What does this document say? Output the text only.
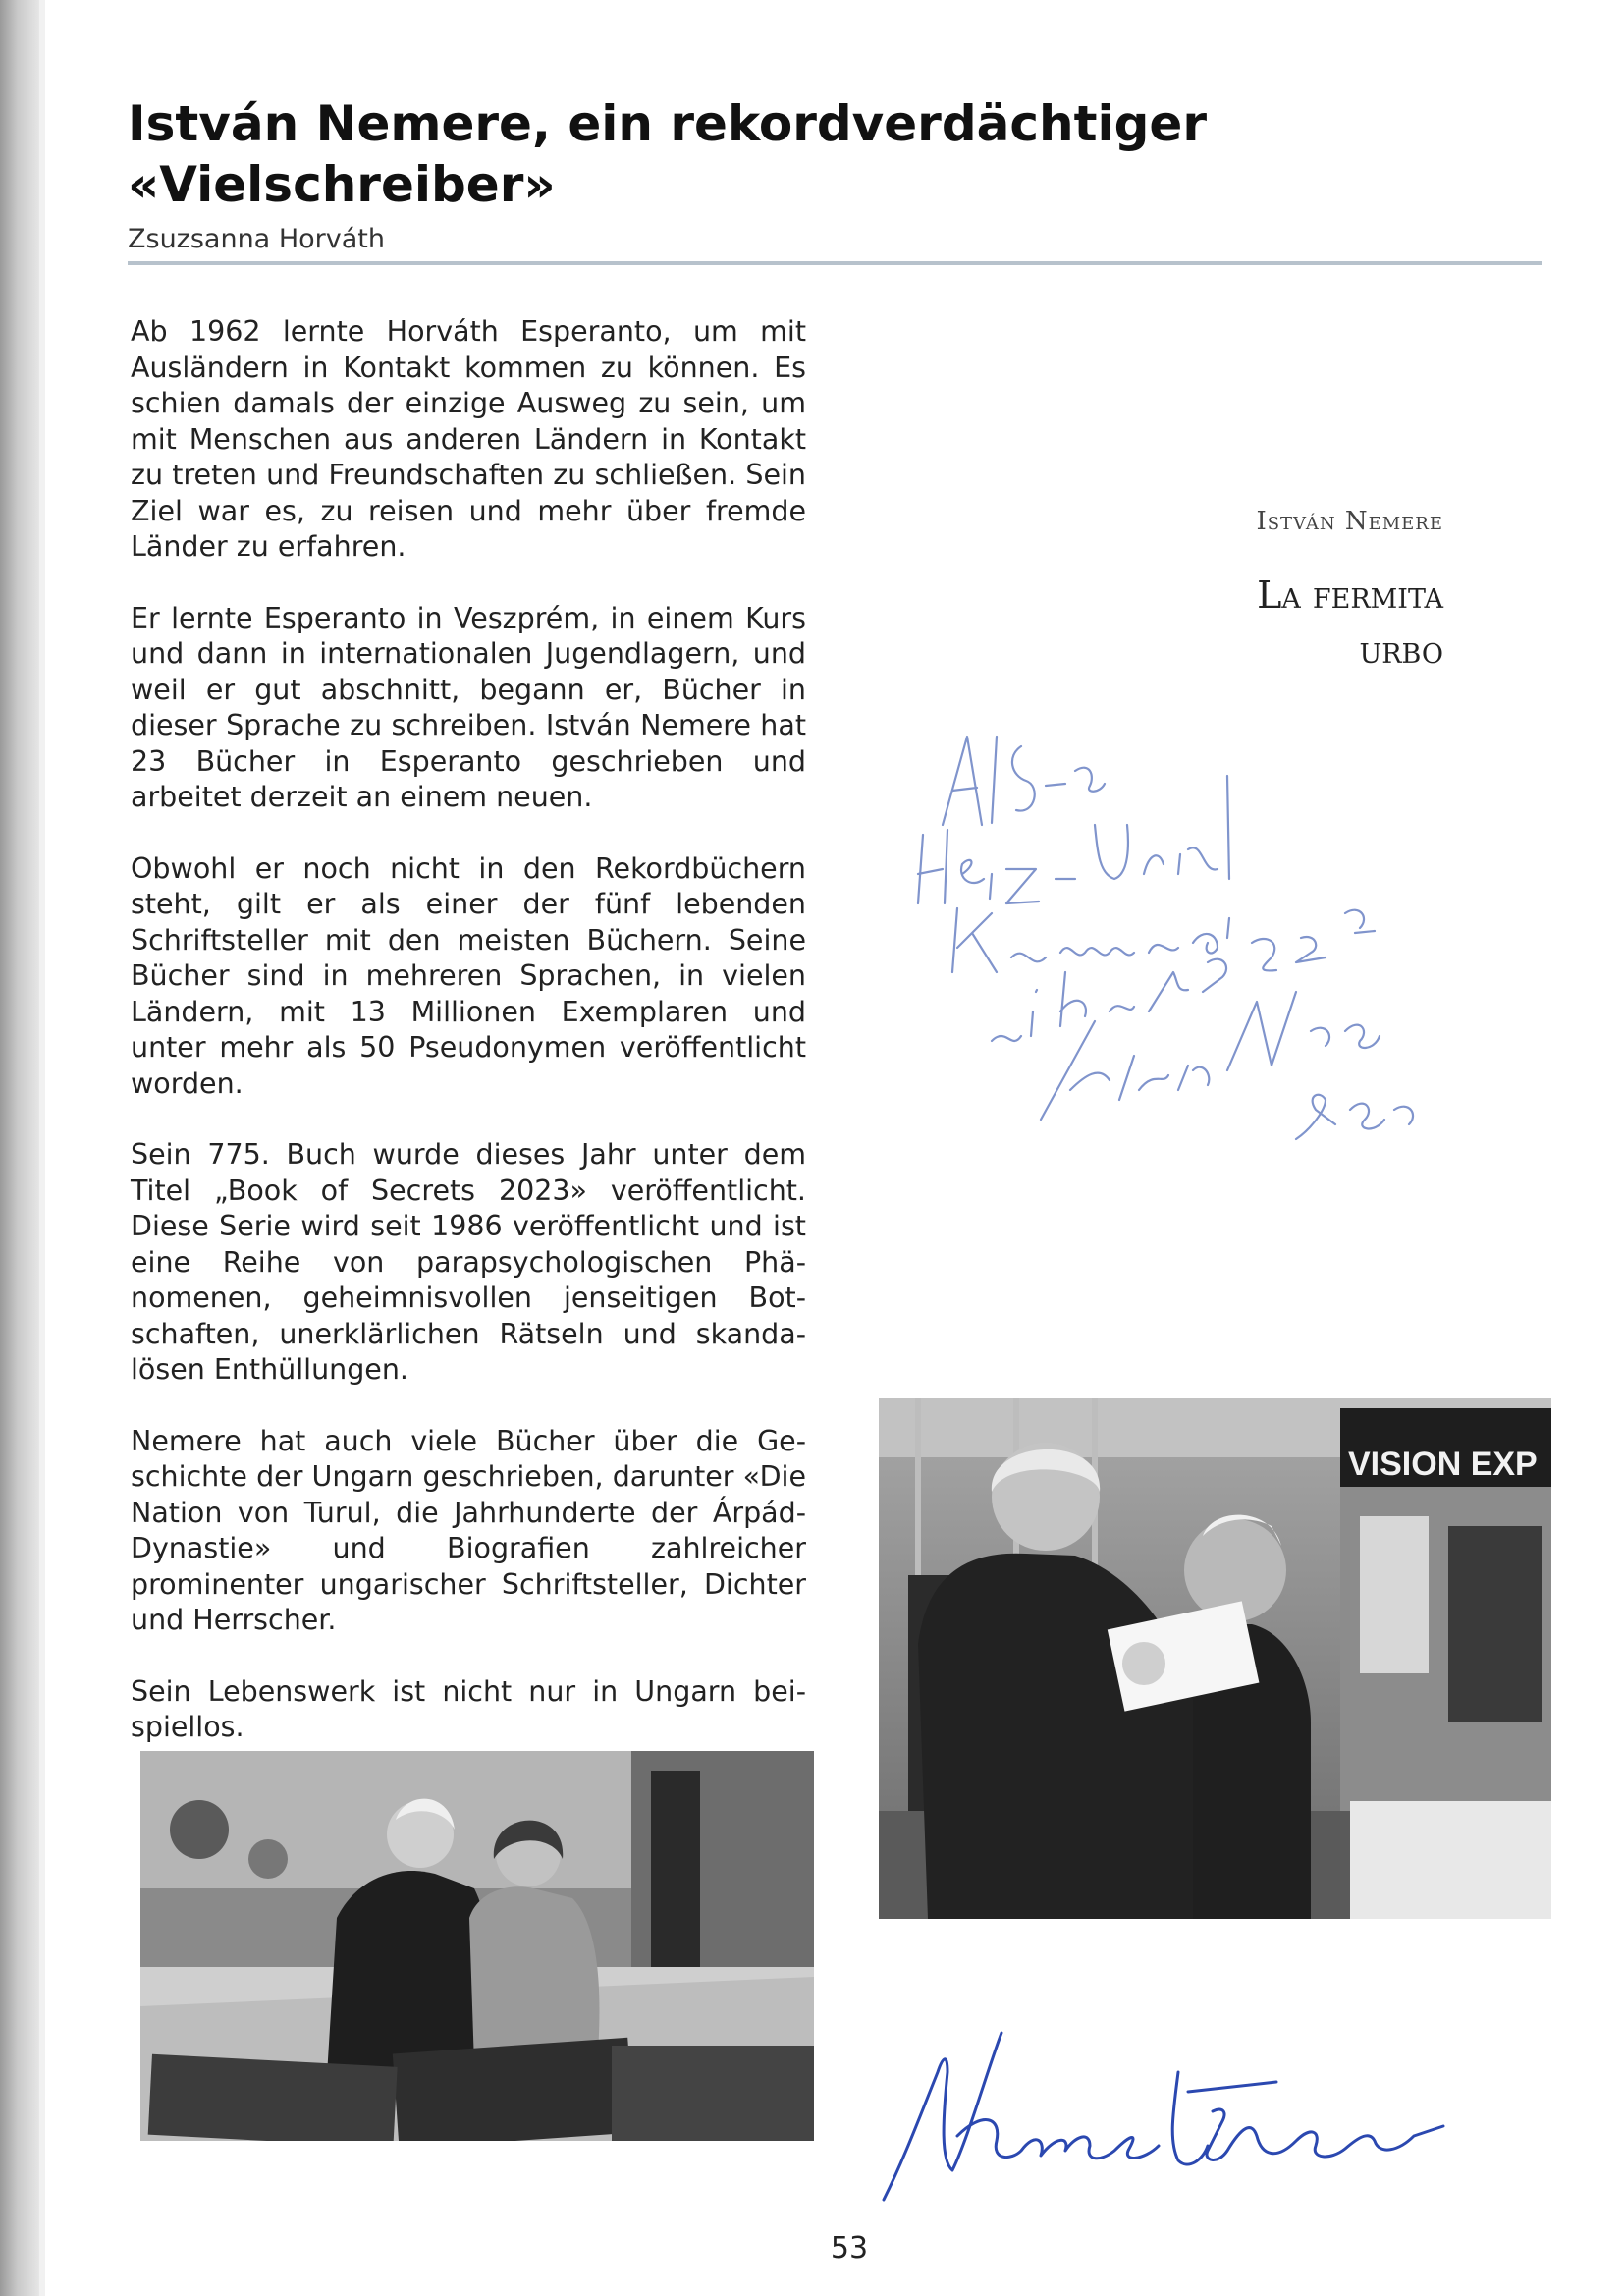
István Nemere, ein rekordverdächtiger «Vielschreiber»
Zsuzsanna Horváth

Ab 1962 lernte Horváth Esperanto, um mit Ausländern in Kontakt kommen zu können. Es schien damals der einzige Ausweg zu sein, um mit Menschen aus anderen Ländern in Kontakt zu treten und Freundschaften zu schließen. Sein Ziel war es, zu reisen und mehr über fremde Länder zu erfahren.

Er lernte Esperanto in Veszprém, in einem Kurs und dann in internationalen Jugendlagern, und weil er gut abschnitt, begann er, Bücher in dieser Sprache zu schreiben. István Nemere hat 23 Bücher in Esperanto geschrieben und arbeitet derzeit an einem neuen.

Obwohl er noch nicht in den Rekordbüchern steht, gilt er als einer der fünf lebenden Schriftsteller mit den meisten Büchern. Seine Bücher sind in mehreren Sprachen, in vielen Ländern, mit 13 Millionen Exemplaren und unter mehr als 50 Pseudonymen veröffentlicht worden.

Sein 775. Buch wurde dieses Jahr unter dem Titel „Book of Secrets 2023» veröffentlicht. Diese Serie wird seit 1986 veröffentlicht und ist eine Reihe von parapsychologischen Phänomenen, geheimnisvollen jenseitigen Botschaften, unerklärlichen Rätseln und skandalösen Enthüllungen.

Nemere hat auch viele Bücher über die Geschichte der Ungarn geschrieben, darunter «Die Nation von Turul, die Jahrhunderte der Árpád-Dynastie» und Biografien zahlreicher prominenter ungarischer Schriftsteller, Dichter und Herrscher.

Sein Lebenswerk ist nicht nur in Ungarn beispiellos.

István Nemere
La fermita
urbo
VISION EXP
53
